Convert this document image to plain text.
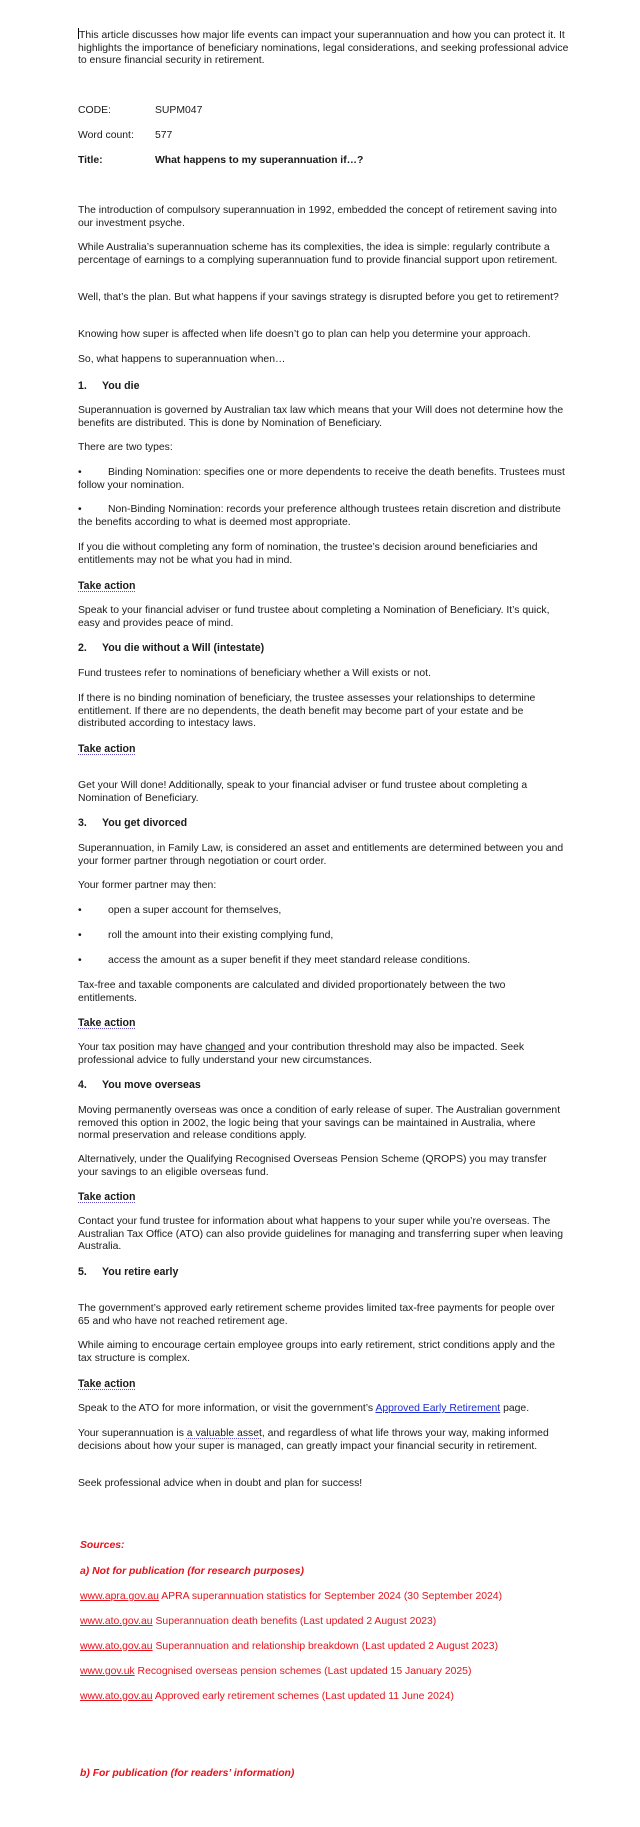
This article discusses how major life events can impact your superannuation and how you can protect it. It highlights the importance of beneficiary nominations, legal considerations, and seeking professional advice to ensure financial security in retirement.

CODE:	SUPM047
Word count: 577
Title:	What happens to my superannuation if…?

The introduction of compulsory superannuation in 1992, embedded the concept of retirement saving into our investment psyche.

While Australia’s superannuation scheme has its complexities, the idea is simple: regularly contribute a percentage of earnings to a complying superannuation fund to provide financial support upon retirement.

Well, that’s the plan. But what happens if your savings strategy is disrupted before you get to retirement?

Knowing how super is affected when life doesn’t go to plan can help you determine your approach.

So, what happens to superannuation when…

1. You die

Superannuation is governed by Australian tax law which means that your Will does not determine how the benefits are distributed. This is done by Nomination of Beneficiary.

There are two types:

•	Binding Nomination: specifies one or more dependents to receive the death benefits. Trustees must follow your nomination.

•	Non-Binding Nomination: records your preference although trustees retain discretion and distribute the benefits according to what is deemed most appropriate.

If you die without completing any form of nomination, the trustee’s decision around beneficiaries and entitlements may not be what you had in mind.

Take action

Speak to your financial adviser or fund trustee about completing a Nomination of Beneficiary. It’s quick, easy and provides peace of mind.

2. You die without a Will (intestate)

Fund trustees refer to nominations of beneficiary whether a Will exists or not.

If there is no binding nomination of beneficiary, the trustee assesses your relationships to determine entitlement. If there are no dependents, the death benefit may become part of your estate and be distributed according to intestacy laws.

Take action

Get your Will done! Additionally, speak to your financial adviser or fund trustee about completing a Nomination of Beneficiary.

3. You get divorced

Superannuation, in Family Law, is considered an asset and entitlements are determined between you and your former partner through negotiation or court order.

Your former partner may then:

•	open a super account for themselves,
•	roll the amount into their existing complying fund,
•	access the amount as a super benefit if they meet standard release conditions.

Tax-free and taxable components are calculated and divided proportionately between the two entitlements.

Take action

Your tax position may have changed and your contribution threshold may also be impacted. Seek professional advice to fully understand your new circumstances.

4. You move overseas

Moving permanently overseas was once a condition of early release of super. The Australian government removed this option in 2002, the logic being that your savings can be maintained in Australia, where normal preservation and release conditions apply.

Alternatively, under the Qualifying Recognised Overseas Pension Scheme (QROPS) you may transfer your savings to an eligible overseas fund.

Take action

Contact your fund trustee for information about what happens to your super while you’re overseas. The Australian Tax Office (ATO) can also provide guidelines for managing and transferring super when leaving Australia.

5. You retire early

The government’s approved early retirement scheme provides limited tax-free payments for people over 65 and who have not reached retirement age.

While aiming to encourage certain employee groups into early retirement, strict conditions apply and the tax structure is complex.

Take action

Speak to the ATO for more information, or visit the government’s Approved Early Retirement page.

Your superannuation is a valuable asset, and regardless of what life throws your way, making informed decisions about how your super is managed, can greatly impact your financial security in retirement.

Seek professional advice when in doubt and plan for success!

Sources:
a) Not for publication (for research purposes)
www.apra.gov.au APRA superannuation statistics for September 2024 (30 September 2024)
www.ato.gov.au Superannuation death benefits (Last updated 2 August 2023)
www.ato.gov.au Superannuation and relationship breakdown (Last updated 2 August 2023)
www.gov.uk Recognised overseas pension schemes (Last updated 15 January 2025)
www.ato.gov.au Approved early retirement schemes (Last updated 11 June 2024)
b) For publication (for readers’ information)
